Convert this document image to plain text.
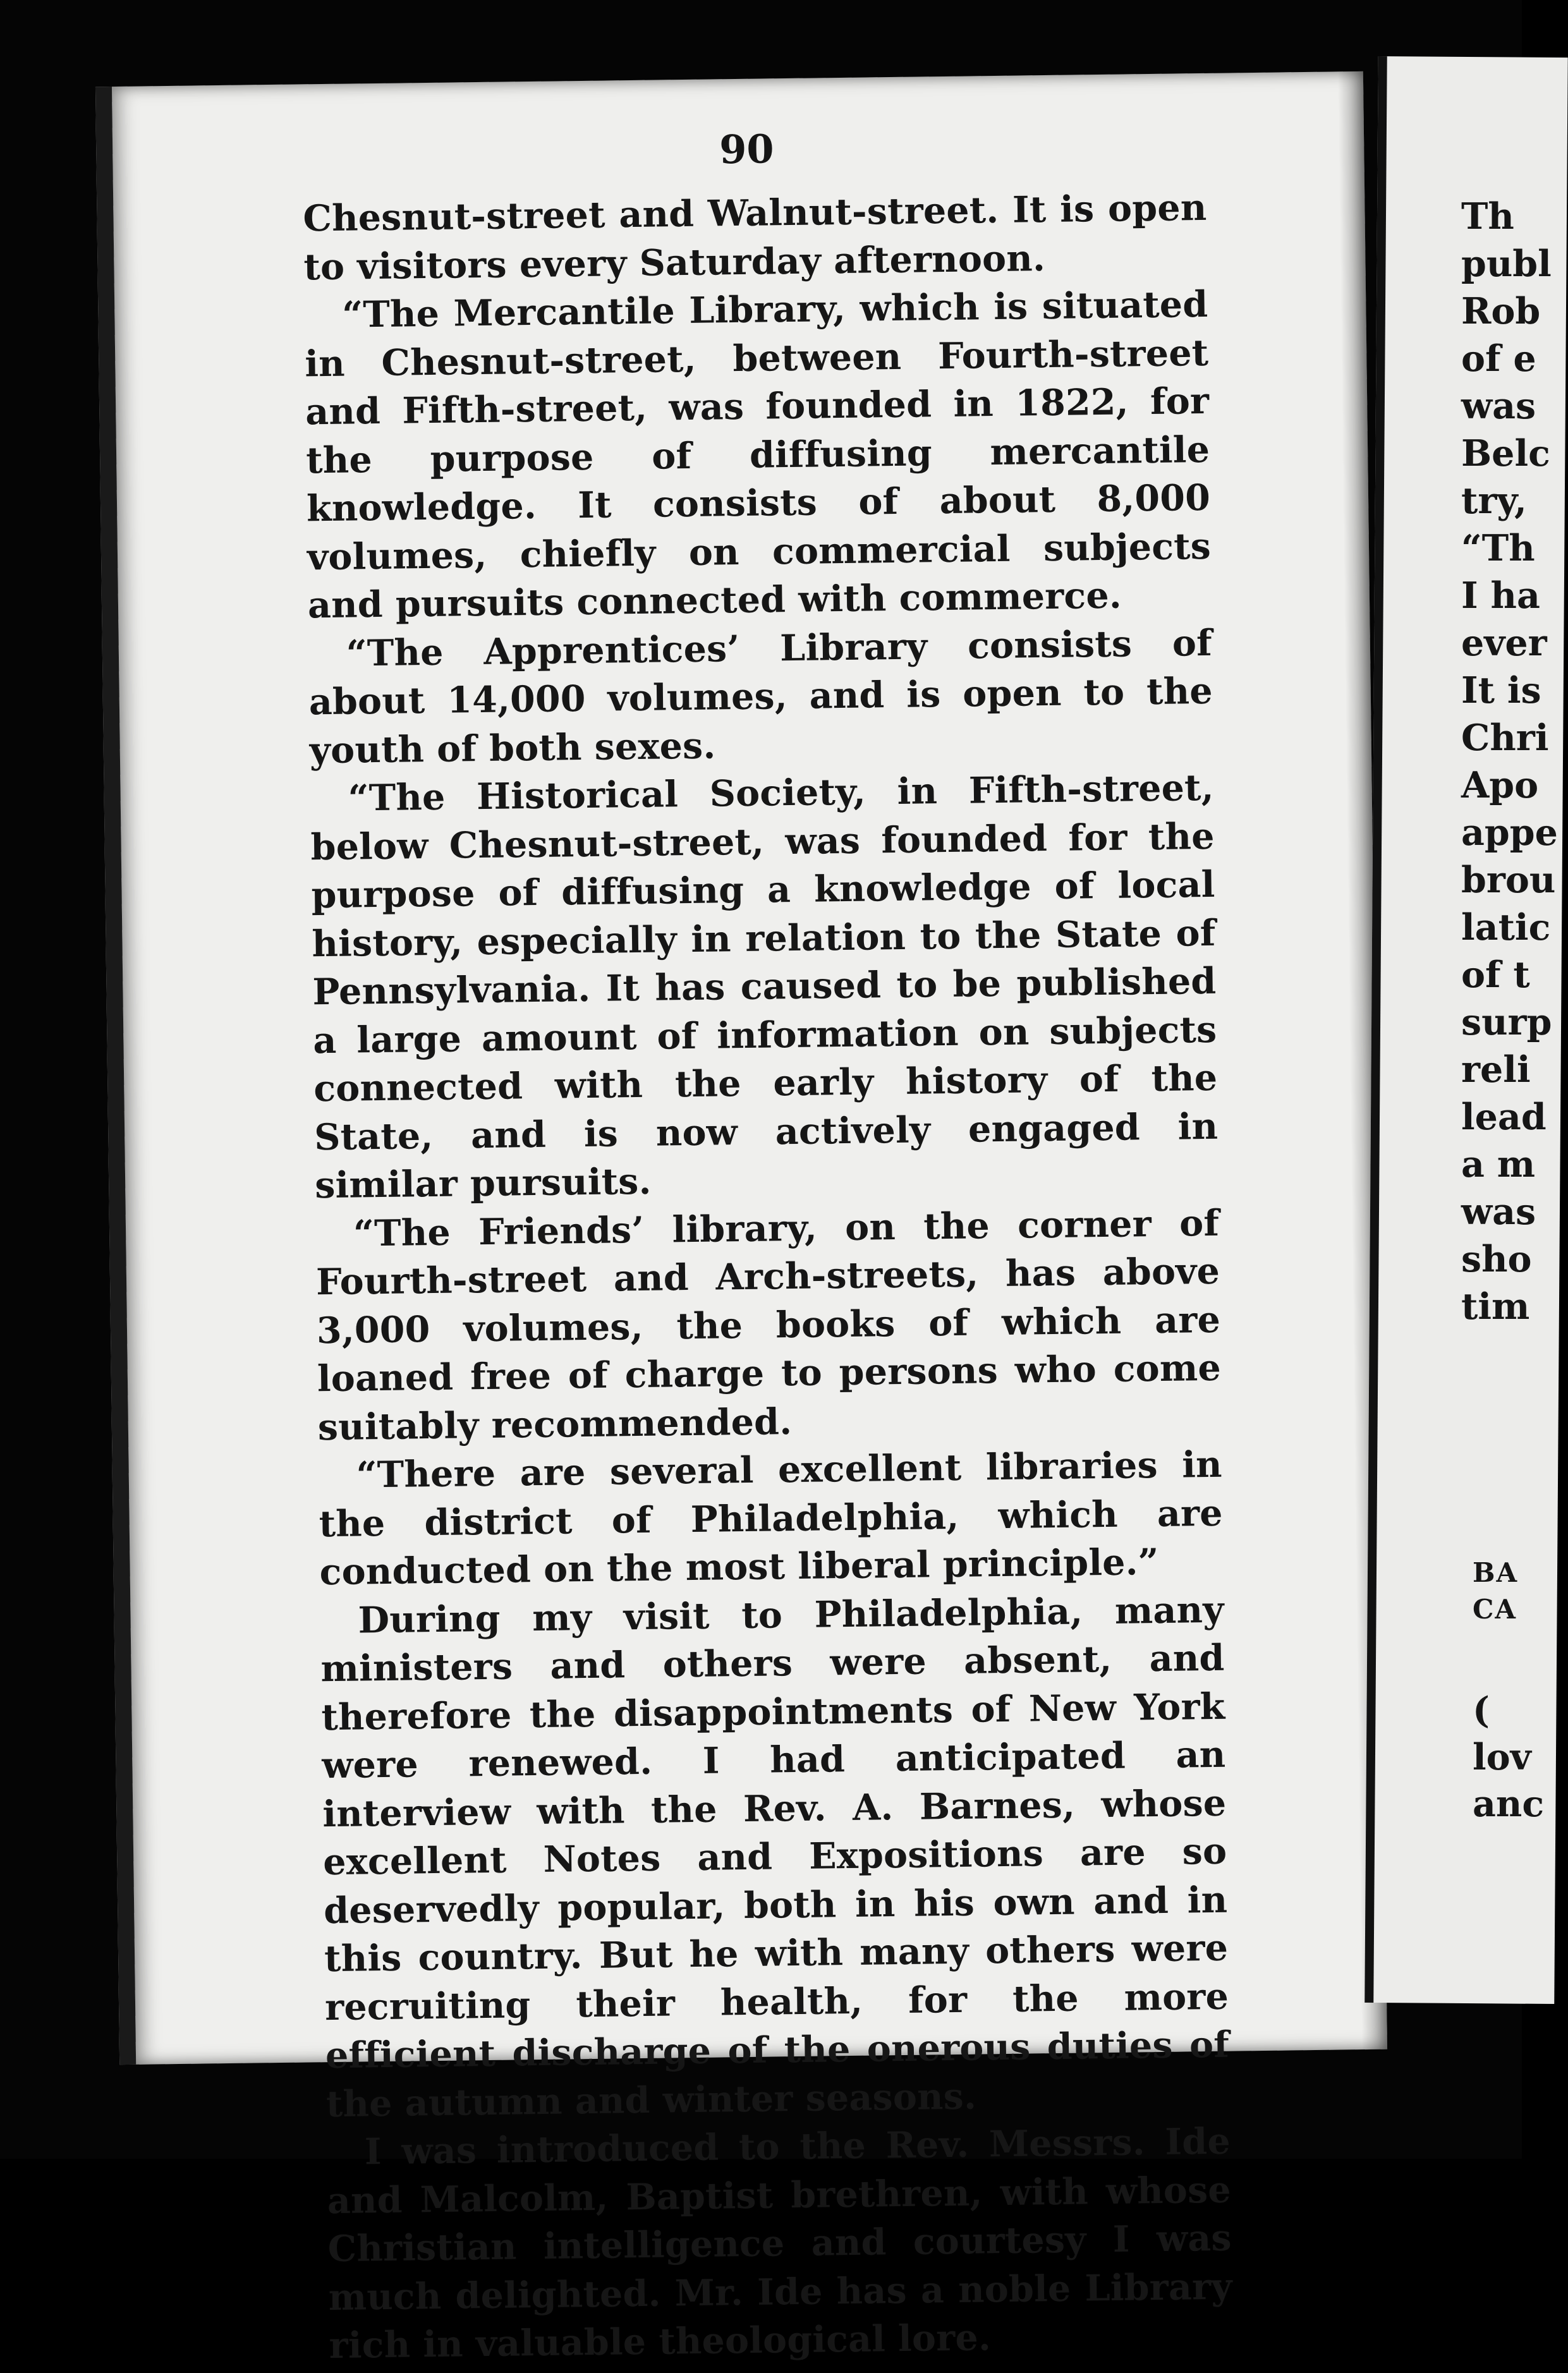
90

Chesnut-street and Walnut-street. It is open to visitors every Saturday afternoon.

“The Mercantile Library, which is situated in Chesnut-street, between Fourth-street and Fifth-street, was founded in 1822, for the purpose of diffusing mercantile knowledge. It consists of about 8,000 volumes, chiefly on commercial subjects and pursuits connected with commerce.

“The Apprentices’ Library consists of about 14,000 volumes, and is open to the youth of both sexes.

“The Historical Society, in Fifth-street, below Chesnut-street, was founded for the purpose of diffusing a knowledge of local history, especially in relation to the State of Pennsylvania. It has caused to be published a large amount of information on subjects connected with the early history of the State, and is now actively engaged in similar pursuits.

“The Friends’ library, on the corner of Fourth-street and Arch-streets, has above 3,000 volumes, the books of which are loaned free of charge to persons who come suitably recommended.

“There are several excellent libraries in the district of Philadelphia, which are conducted on the most liberal principle.”

During my visit to Philadelphia, many ministers and others were absent, and therefore the disappointments of New York were renewed. I had anticipated an interview with the Rev. A. Barnes, whose excellent Notes and Expositions are so deservedly popular, both in his own and in this country. But he with many others were recruiting their health, for the more efficient discharge of the onerous duties of the autumn and winter seasons.

I was introduced to the Rev. Messrs. Ide and Malcolm, Baptist brethren, with whose Christian intelligence and courtesy I was much delighted. Mr. Ide has a noble Library rich in valuable theological lore.

Th
publ
Rob
of e
was
Belc
try,
“Th
I ha
ever
It is
Chri
Apo
appe
brou
latic
of t
surp
reli
lead
a m
was
sho
tim
BA
CA
(
lov
anc
